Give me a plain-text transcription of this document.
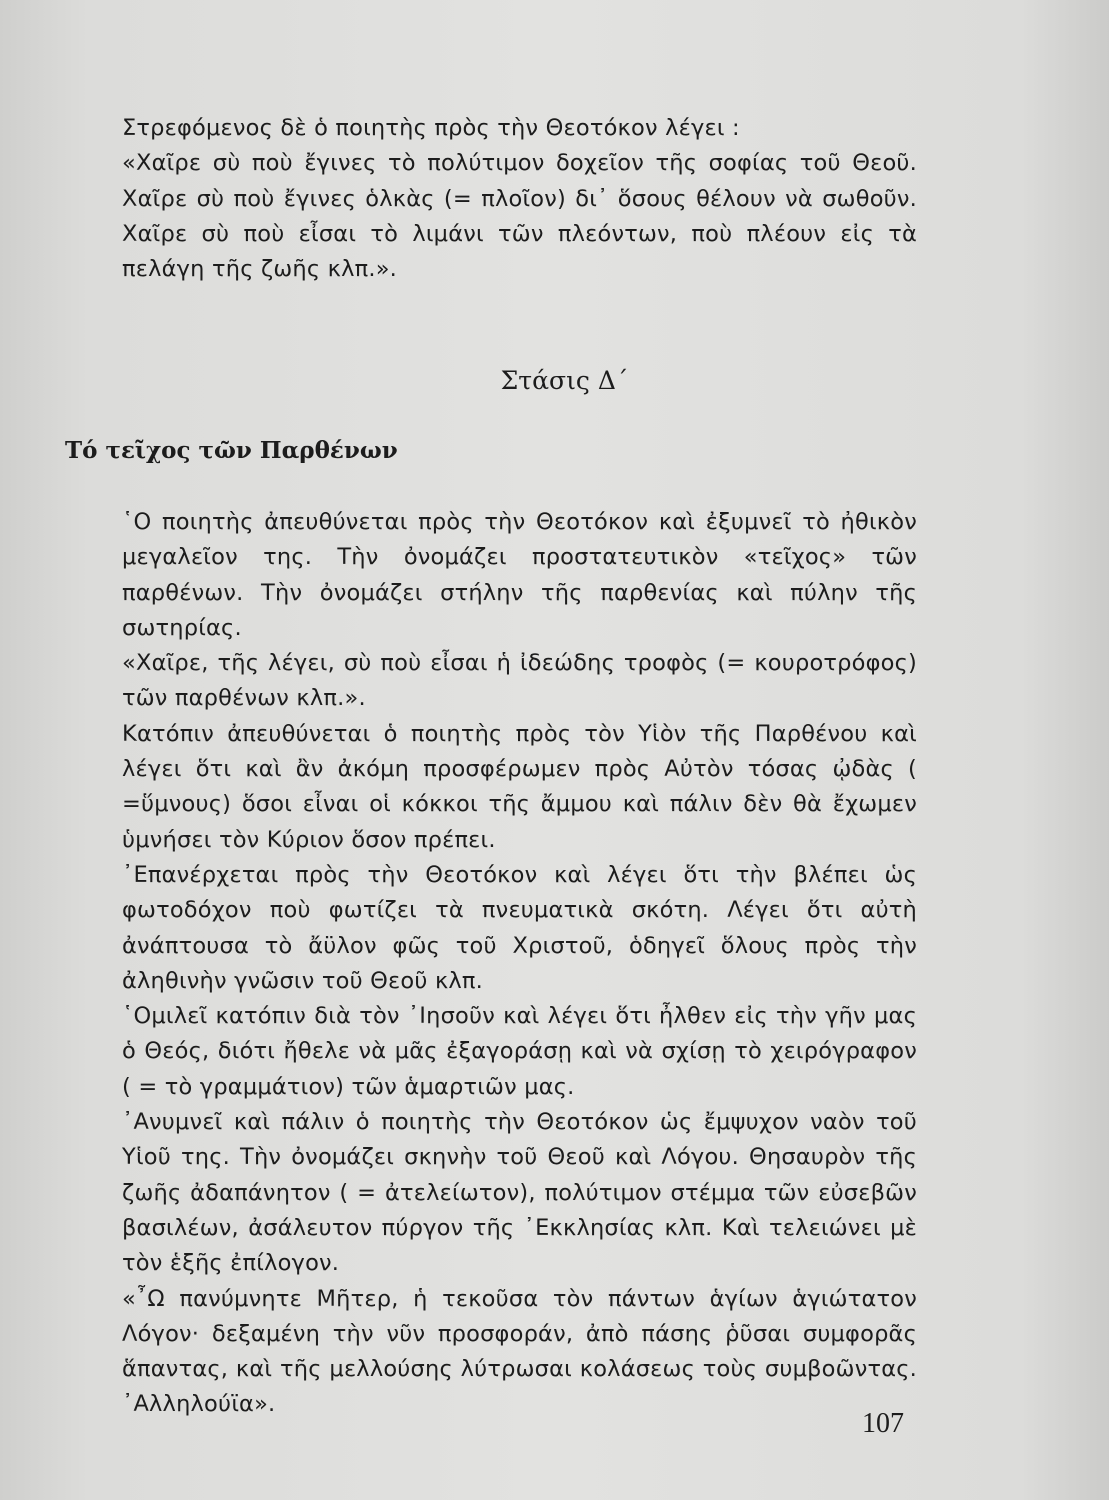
Στρεφόμενος δὲ ὁ ποιητὴς πρὸς τὴν Θεοτόκον λέγει :

«Χαῖρε σὺ ποὺ ἔγινες τὸ πολύτιμον δοχεῖον τῆς σοφίας τοῦ Θεοῦ. Χαῖρε σὺ ποὺ ἔγινες ὁλκὰς (= πλοῖον) δι᾽ ὅσους θέλουν νὰ σωθοῦν. Χαῖρε σὺ ποὺ εἶσαι τὸ λιμάνι τῶν πλεόντων, ποὺ πλέουν εἰς τὰ πελάγη τῆς ζωῆς κλπ.».

Στάσις Δ΄
Τό τεῖχος τῶν Παρθένων

῾Ο ποιητὴς ἀπευθύνεται πρὸς τὴν Θεοτόκον καὶ ἐξυμνεῖ τὸ ἠθικὸν μεγαλεῖον της. Τὴν ὀνομάζει προστατευτικὸν «τεῖχος» τῶν παρθένων. Τὴν ὀνομάζει στήλην τῆς παρθενίας καὶ πύλην τῆς σωτηρίας.

«Χαῖρε, τῆς λέγει, σὺ ποὺ εἶσαι ἡ ἰδεώδης τροφὸς (= κουροτρόφος) τῶν παρθένων κλπ.».

Κατόπιν ἀπευθύνεται ὁ ποιητὴς πρὸς τὸν Υἱὸν τῆς Παρθένου καὶ λέγει ὅτι καὶ ἂν ἀκόμη προσφέρωμεν πρὸς Αὐτὸν τόσας ᾠδὰς ( =ὕμνους) ὅσοι εἶναι οἱ κόκκοι τῆς ἄμμου καὶ πάλιν δὲν θὰ ἔχωμεν ὑμνήσει τὸν Κύριον ὅσον πρέπει.

᾽Επανέρχεται πρὸς τὴν Θεοτόκον καὶ λέγει ὅτι τὴν βλέπει ὡς φωτοδόχον ποὺ φωτίζει τὰ πνευματικὰ σκότη. Λέγει ὅτι αὐτὴ ἀνάπτουσα τὸ ἄϋλον φῶς τοῦ Χριστοῦ, ὁδηγεῖ ὅλους πρὸς τὴν ἀληθινὴν γνῶσιν τοῦ Θεοῦ κλπ.

῾Ομιλεῖ κατόπιν διὰ τὸν ᾽Ιησοῦν καὶ λέγει ὅτι ἦλθεν εἰς τὴν γῆν μας ὁ Θεός, διότι ἤθελε νὰ μᾶς ἐξαγοράσῃ καὶ νὰ σχίσῃ τὸ χειρόγραφον ( = τὸ γραμμάτιον) τῶν ἁμαρτιῶν μας.

᾽Ανυμνεῖ καὶ πάλιν ὁ ποιητὴς τὴν Θεοτόκον ὡς ἔμψυχον ναὸν τοῦ Υἱοῦ της. Τὴν ὀνομάζει σκηνὴν τοῦ Θεοῦ καὶ Λόγου. Θησαυρὸν τῆς ζωῆς ἀδαπάνητον ( = ἀτελείωτον), πολύτιμον στέμμα τῶν εὐσεβῶν βασιλέων, ἀσάλευτον πύργον τῆς ᾽Εκκλησίας κλπ. Καὶ τελειώνει μὲ τὸν ἑξῆς ἐπίλογον.

«῏Ω πανύμνητε Μῆτερ, ἡ τεκοῦσα τὸν πάντων ἁγίων ἁγιώτατον Λόγον· δεξαμένη τὴν νῦν προσφοράν, ἀπὸ πάσης ῥῦσαι συμφορᾶς ἅπαντας, καὶ τῆς μελλούσης λύτρωσαι κολάσεως τοὺς συμβοῶντας. ᾽Αλληλούϊα».

107
